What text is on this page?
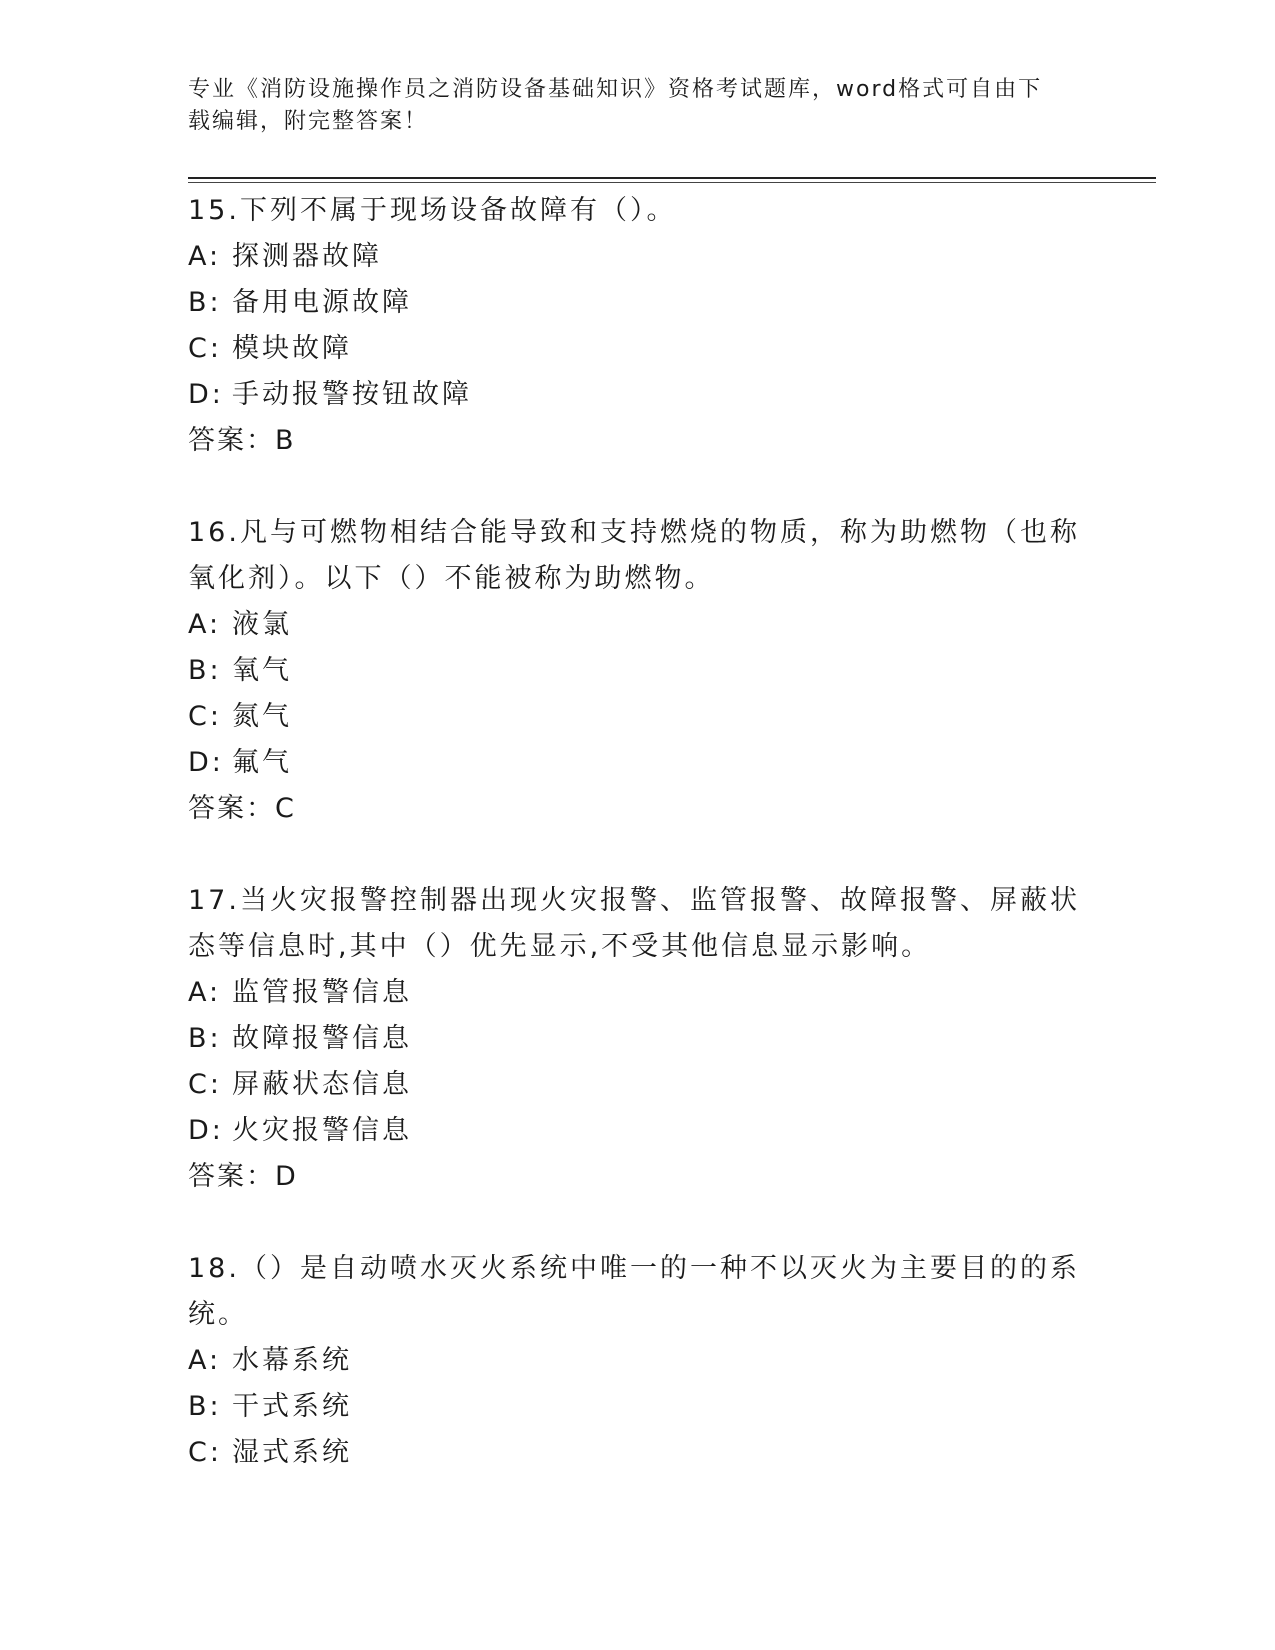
专业《消防设施操作员之消防设备基础知识》资格考试题库，word格式可自由下
载编辑，附完整答案！

15.下列不属于现场设备故障有（）。

A: 探测器故障
B: 备用电源故障
C: 模块故障
D: 手动报警按钮故障
答案：B

16.凡与可燃物相结合能导致和支持燃烧的物质，称为助燃物（也称氧化剂）。以下（）不能被称为助燃物。

A: 液氯
B: 氧气
C: 氮气
D: 氟气
答案：C

17.当火灾报警控制器出现火灾报警、监管报警、故障报警、屏蔽状态等信息时,其中（）优先显示,不受其他信息显示影响。

A: 监管报警信息
B: 故障报警信息
C: 屏蔽状态信息
D: 火灾报警信息
答案：D

18.（）是自动喷水灭火系统中唯一的一种不以灭火为主要目的的系统。

A: 水幕系统
B: 干式系统
C: 湿式系统
